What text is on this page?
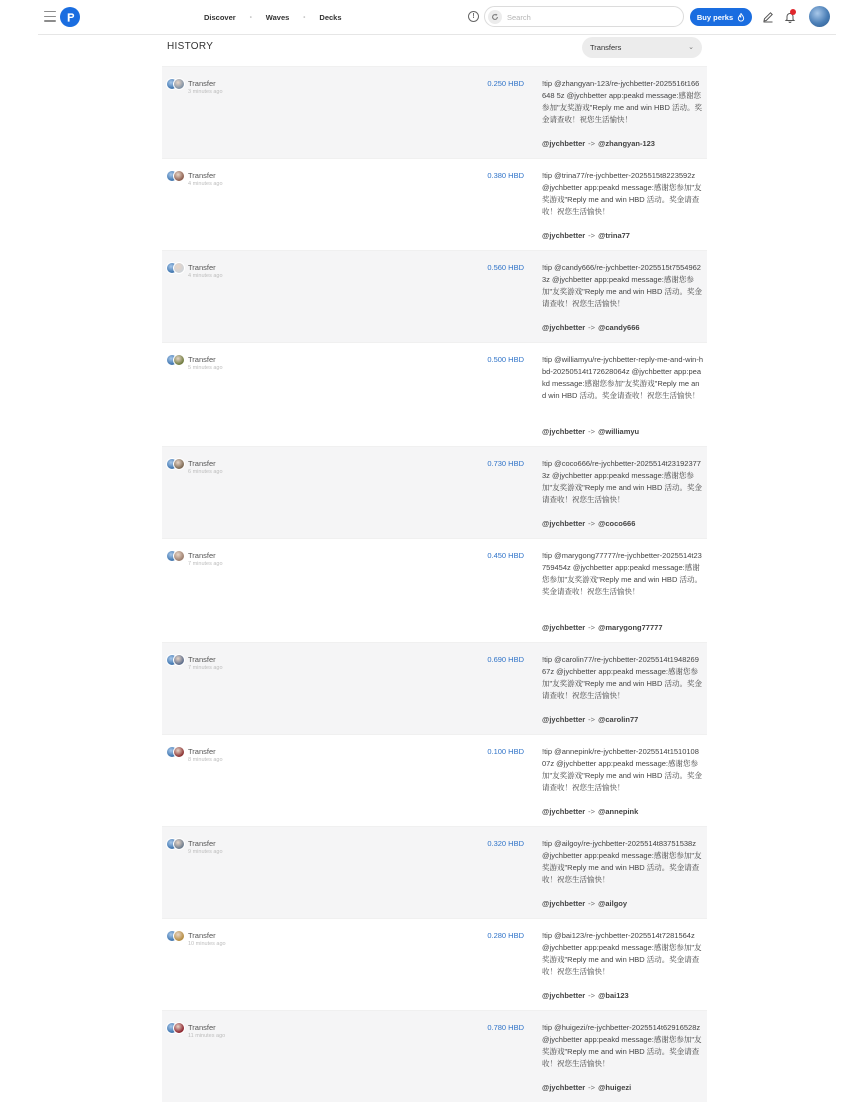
Discover • Waves • Decks	!
Search	Buy perks
HISTORY	Transfers	⌄
Transfer
3 minutes ago
0.250 HBD !tip @zhangyan-123/re-jychbetter-2025516t166648 5z @jychbetter app:peakd message:感谢您参加"友奖游戏"Reply me and win HBD 活动。奖金请查收！祝您生活愉快！
@jychbetter -> @zhangyan-123
Transfer
4 minutes ago
0.380 HBD !tip @trina77/re-jychbetter-2025515t8223592z @jychbetter app:peakd message:感谢您参加"友奖游戏"Reply me and win HBD 活动。奖金请查收！祝您生活愉快！
@jychbetter -> @trina77
Transfer
4 minutes ago
0.560 HBD !tip @candy666/re-jychbetter-2025515t75549623z @jychbetter app:peakd message:感谢您参加"友奖游戏"Reply me and win HBD 活动。奖金请查收！祝您生活愉快！
@jychbetter -> @candy666
Transfer
5 minutes ago
0.500 HBD !tip @williamyu/re-jychbetter-reply-me-and-win-hbd-20250514t172628064z @jychbetter app:peakd message:感谢您参加"友奖游戏"Reply me and win HBD 活动。奖金请查收！祝您生活愉快！
@jychbetter -> @williamyu
Transfer
6 minutes ago
0.730 HBD !tip @coco666/re-jychbetter-2025514t231923773z @jychbetter app:peakd message:感谢您参加"友奖游戏"Reply me and win HBD 活动。奖金请查收！祝您生活愉快！
@jychbetter -> @coco666
Transfer
7 minutes ago
0.450 HBD !tip @marygong77777/re-jychbetter-2025514t23759454z @jychbetter app:peakd message:感谢您参加"友奖游戏"Reply me and win HBD 活动。奖金请查收！祝您生活愉快！
@jychbetter -> @marygong77777
Transfer
7 minutes ago
0.690 HBD !tip @carolin77/re-jychbetter-2025514t194826967z @jychbetter app:peakd message:感谢您参加"友奖游戏"Reply me and win HBD 活动。奖金请查收！祝您生活愉快！
@jychbetter -> @carolin77
Transfer
8 minutes ago
0.100 HBD !tip @annepink/re-jychbetter-2025514t151010807z @jychbetter app:peakd message:感谢您参加"友奖游戏"Reply me and win HBD 活动。奖金请查收！祝您生活愉快！
@jychbetter -> @annepink
Transfer
9 minutes ago
0.320 HBD !tip @ailgoy/re-jychbetter-2025514t83751538z @jychbetter app:peakd message:感谢您参加"友奖游戏"Reply me and win HBD 活动。奖金请查收！祝您生活愉快！
@jychbetter -> @ailgoy
Transfer
10 minutes ago
0.280 HBD !tip @bai123/re-jychbetter-2025514t7281564z @jychbetter app:peakd message:感谢您参加"友奖游戏"Reply me and win HBD 活动。奖金请查收！祝您生活愉快！
@jychbetter -> @bai123
Transfer
11 minutes ago
0.780 HBD !tip @huigezi/re-jychbetter-2025514t62916528z @jychbetter app:peakd message:感谢您参加"友奖游戏"Reply me and win HBD 活动。奖金请查收！祝您生活愉快！
@jychbetter -> @huigezi
